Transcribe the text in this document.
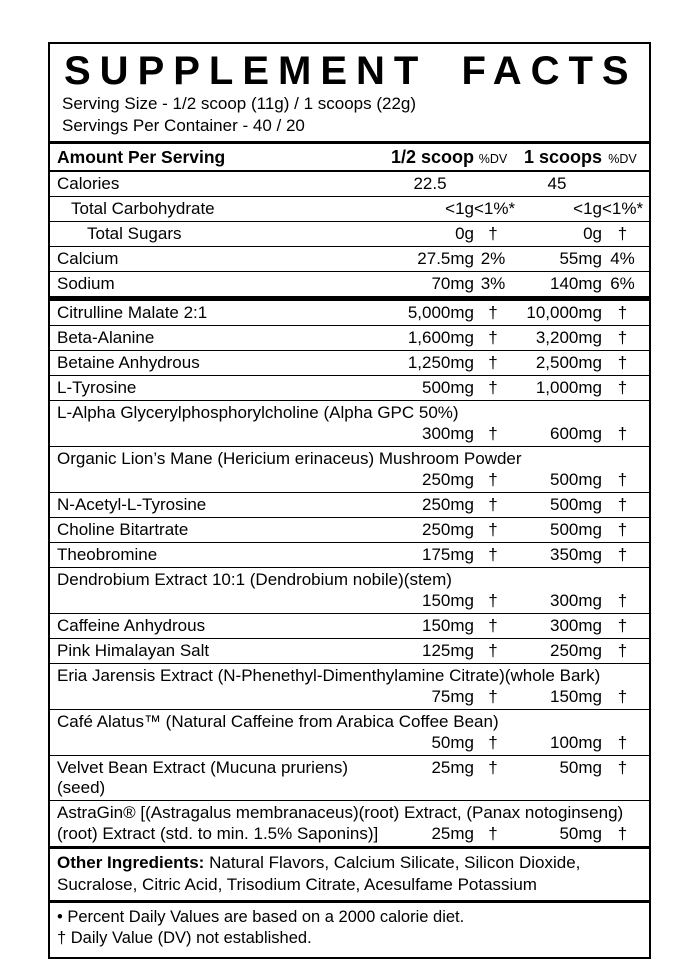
SUPPLEMENT FACTS
Serving Size - 1/2 scoop (11g) / 1 scoops (22g)
Servings Per Container - 40 / 20
Amount Per Serving	1/2 scoop %DV 1 scoops %DV
Calories	22.5	45
Total Carbohydrate	<1g <1%*	<1g <1%*
Total Sugars	0g †	0g †
Calcium	27.5mg 2%	55mg 4%
Sodium	70mg 3%	140mg 6%
Citrulline Malate 2:1	5,000mg †	10,000mg †
Beta-Alanine	1,600mg †	3,200mg †
Betaine Anhydrous	1,250mg †	2,500mg †
L-Tyrosine	500mg †	1,000mg †
L-Alpha Glycerylphosphorylcholine (Alpha GPC 50%)
300mg †	600mg †
Organic Lion’s Mane (Hericium erinaceus) Mushroom Powder
250mg †	500mg †
N-Acetyl-L-Tyrosine	250mg †	500mg †
Choline Bitartrate	250mg †	500mg †
Theobromine	175mg †	350mg †
Dendrobium Extract 10:1 (Dendrobium nobile)(stem)
150mg †	300mg †
Caffeine Anhydrous	150mg †	300mg †
Pink Himalayan Salt	125mg †	250mg †
Eria Jarensis Extract (N-Phenethyl-Dimenthylamine Citrate)(whole Bark)
75mg †	150mg †
Café Alatus™ (Natural Caffeine from Arabica Coffee Bean)
50mg †	100mg †
Velvet Bean Extract (Mucuna pruriens)(seed)
25mg †	50mg †
AstraGin® [(Astragalus membranaceus)(root) Extract, (Panax notoginseng)
(root) Extract (std. to min. 1.5% Saponins)]	25mg †	50mg †
Other Ingredients: Natural Flavors, Calcium Silicate, Silicon Dioxide, Sucralose, Citric Acid, Trisodium Citrate, Acesulfame Potassium
• Percent Daily Values are based on a 2000 calorie diet.
† Daily Value (DV) not established.
